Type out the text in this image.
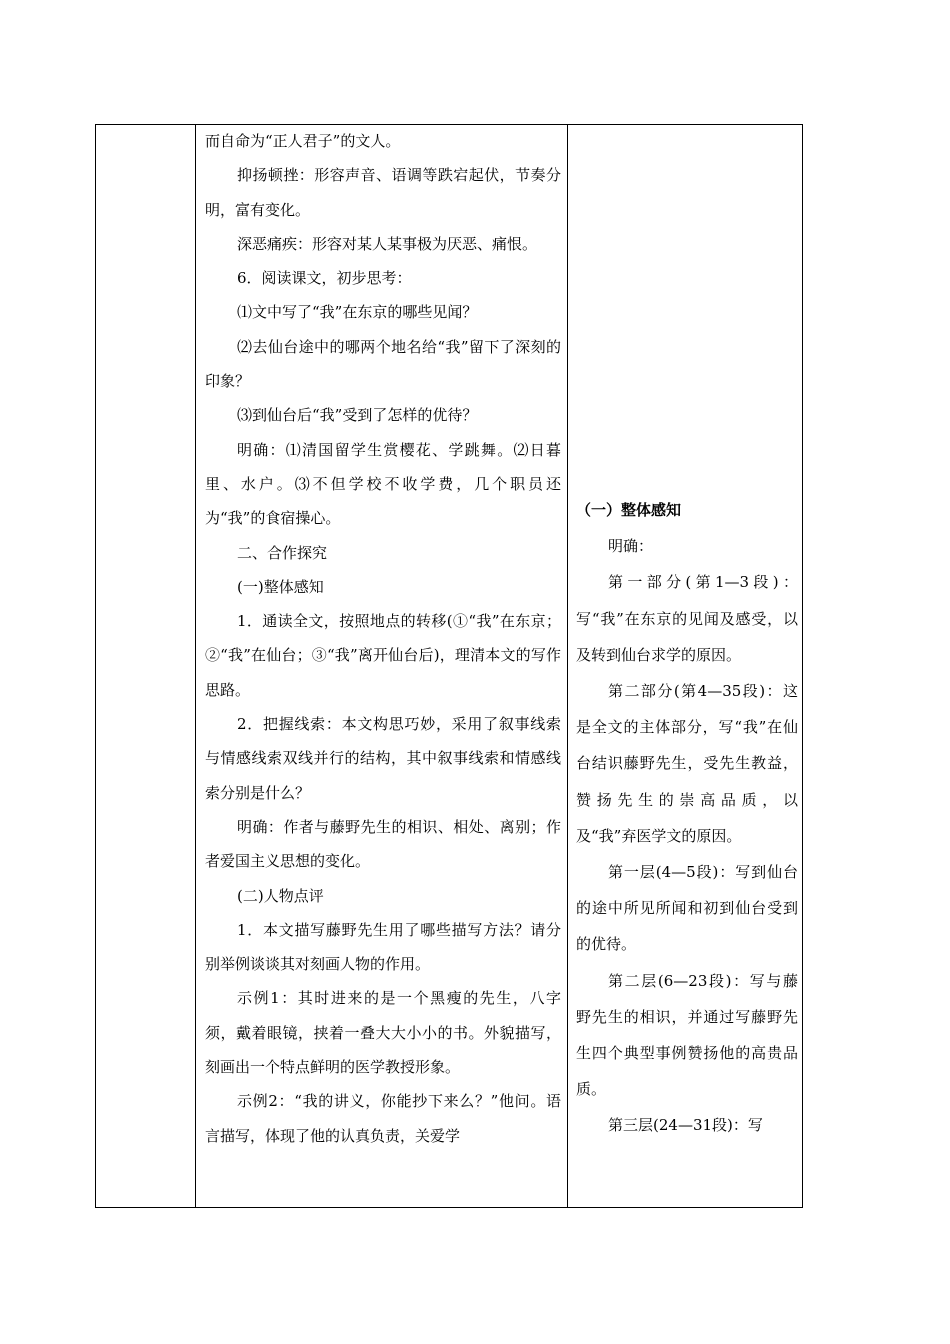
而自命为“正人君子”的文人。

抑扬顿挫：形容声音、语调等跌宕起伏，节奏分明，富有变化。

深恶痛疾：形容对某人某事极为厌恶、痛恨。

6．阅读课文，初步思考：

⑴文中写了“我”在东京的哪些见闻？

⑵去仙台途中的哪两个地名给“我”留下了深刻的印象？

⑶到仙台后“我”受到了怎样的优待？

明确：⑴清国留学生赏樱花、学跳舞。⑵日暮里、水户。⑶不但学校不收学费，几个职员还为“我”的食宿操心。

二、合作探究

(一)整体感知

1．通读全文，按照地点的转移(①“我”在东京；②“我”在仙台；③“我”离开仙台后)，理清本文的写作思路。

2．把握线索：本文构思巧妙，采用了叙事线索与情感线索双线并行的结构，其中叙事线索和情感线索分别是什么？

明确：作者与藤野先生的相识、相处、离别；作者爱国主义思想的变化。

(二)人物点评

1．本文描写藤野先生用了哪些描写方法？请分别举例谈谈其对刻画人物的作用。

示例1：其时进来的是一个黑瘦的先生，八字须，戴着眼镜，挟着一叠大大小小的书。外貌描写，刻画出一个特点鲜明的医学教授形象。

示例2：“我的讲义，你能抄下来么？”他问。语言描写，体现了他的认真负责，关爱学

（一）整体感知

明确：

第一部分(第1—3段)：写“我”在东京的见闻及感受，以及转到仙台求学的原因。

第二部分(第4—35段)：这是全文的主体部分，写“我”在仙台结识藤野先生，受先生教益，赞扬先生的崇高品质，以及“我”弃医学文的原因。

第一层(4—5段)：写到仙台的途中所见所闻和初到仙台受到的优待。

第二层(6—23段)：写与藤野先生的相识，并通过写藤野先生四个典型事例赞扬他的高贵品质。

第三层(24—31段)：写
